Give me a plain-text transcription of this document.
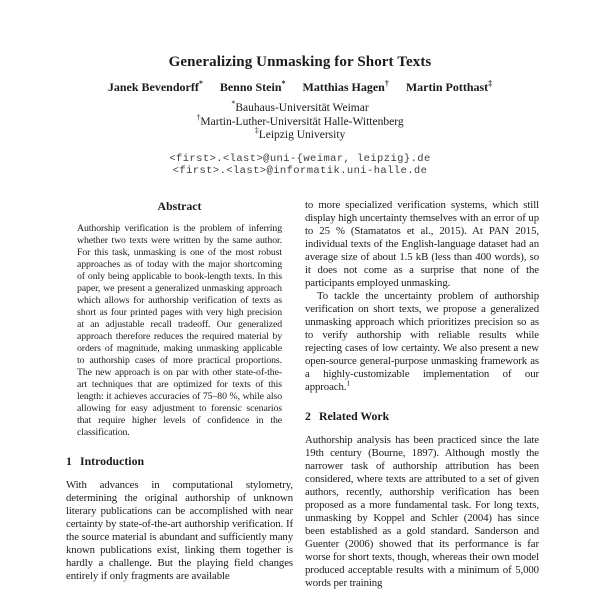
Generalizing Unmasking for Short Texts
Janek Bevendorff* Benno Stein* Matthias Hagen† Martin Potthast‡
*Bauhaus-Universität Weimar
†Martin-Luther-Universität Halle-Wittenberg
‡Leipzig University
<first>.<last>@uni-{weimar, leipzig}.de
<first>.<last>@informatik.uni-halle.de
Abstract

Authorship verification is the problem of inferring whether two texts were written by the same author. For this task, unmasking is one of the most robust approaches as of today with the major shortcoming of only being applicable to book-length texts. In this paper, we present a generalized unmasking approach which allows for authorship verification of texts as short as four printed pages with very high precision at an adjustable recall tradeoff. Our generalized approach therefore reduces the required material by orders of magnitude, making unmasking applicable to authorship cases of more practical proportions. The new approach is on par with other state-of-the-art techniques that are optimized for texts of this length: it achieves accuracies of 75–80 %, while also allowing for easy adjustment to forensic scenarios that require higher levels of confidence in the classification.

1 Introduction

With advances in computational stylometry, determining the original authorship of unknown literary publications can be accomplished with near certainty by state-of-the-art authorship verification. If the source material is abundant and sufficiently many known publications exist, linking them together is hardly a challenge. But the playing field changes entirely if only fragments are available

to more specialized verification systems, which still display high uncertainty themselves with an error of up to 25 % (Stamatatos et al., 2015). At PAN 2015, individual texts of the English-language dataset had an average size of about 1.5 kB (less than 400 words), so it does not come as a surprise that none of the participants employed unmasking.

To tackle the uncertainty problem of authorship verification on short texts, we propose a generalized unmasking approach which prioritizes precision so as to verify authorship with reliable results while rejecting cases of low certainty. We also present a new open-source general-purpose unmasking framework as a highly-customizable implementation of our approach.$^1$

2 Related Work

Authorship analysis has been practiced since the late 19th century (Bourne, 1897). Although mostly the narrower task of authorship attribution has been considered, where texts are attributed to a set of given authors, recently, authorship verification has been proposed as a more fundamental task. For long texts, unmasking by Koppel and Schler (2004) has since been established as a gold standard. Sanderson and Guenter (2006) showed that its performance is far worse for short texts, though, whereas their own model produced acceptable results with a minimum of 5,000 words per training
